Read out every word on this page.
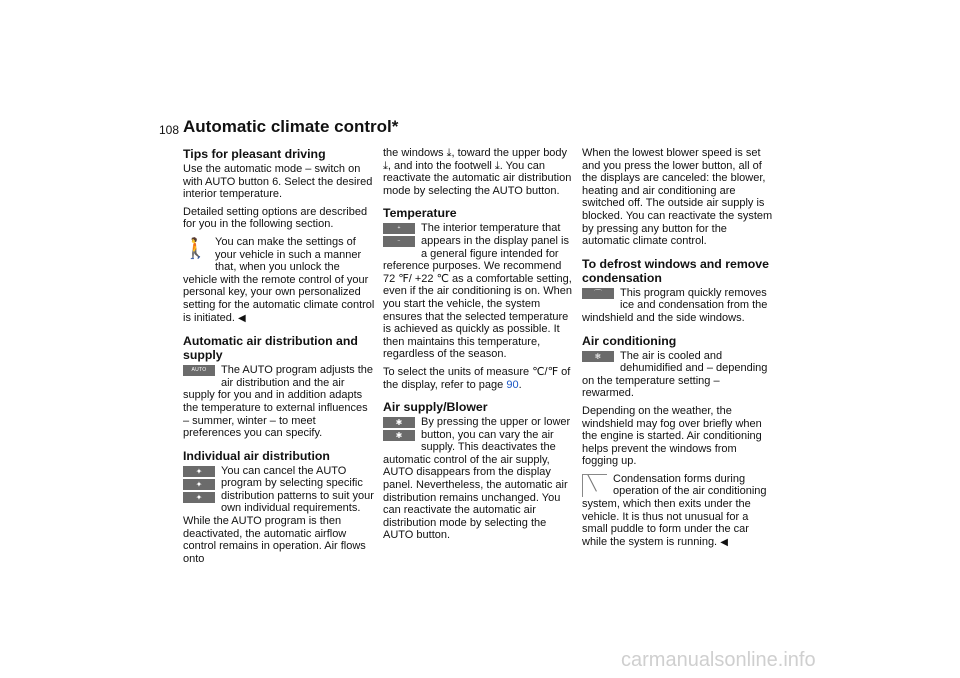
108 Automatic climate control*
Tips for pleasant driving

Use the automatic mode – switch on with AUTO button 6. Select the desired interior temperature.

Detailed setting options are described for you in the following section.

🚶 You can make the settings of your vehicle in such a manner that, when you unlock the vehicle with the remote control of your personal key, your own personalized setting for the automatic climate control is initiated. ◀

Automatic air distribution and supply

AUTO	The AUTO program adjusts the air distribution and the air supply for you and in addition adapts the temperature to external influences – summer, winter – to meet preferences you can specify.

Individual air distribution

✦
✦
✦
You can cancel the AUTO program by selecting specific distribution patterns to suit your own individual requirements. While the AUTO program is then deactivated, the automatic airflow control remains in operation. Air flows onto

the windows ⤓, toward the upper body ⤓, and into the footwell ⤓. You can reactivate the automatic air distribution mode by selecting the AUTO button.

Temperature

+
−
The interior temperature that appears in the display panel is a general figure intended for reference purposes. We recommend 72 ℉/ +22 ℃ as a comfortable setting, even if the air conditioning is on. When you start the vehicle, the system ensures that the selected temperature is achieved as quickly as possible. It then maintains this temperature, regardless of the season.

To select the units of measure ℃/℉ of the display, refer to page 90.

Air supply/Blower

✱
✱
By pressing the upper or lower button, you can vary the air supply. This deactivates the automatic control of the air supply, AUTO disappears from the display panel. Nevertheless, the automatic air distribution remains unchanged. You can reactivate the automatic air distribution mode by selecting the AUTO button.

When the lowest blower speed is set and you press the lower button, all of the displays are canceled: the blower, heating and air conditioning are switched off. The outside air supply is blocked. You can reactivate the system by pressing any button for the automatic climate control.

To defrost windows and remove condensation

⌒	This program quickly removes ice and condensation from the windshield and the side windows.

Air conditioning

❄	The air is cooled and dehumidified and – depending on the temperature setting – rewarmed.

Depending on the weather, the windshield may fog over briefly when the engine is started. Air conditioning helps prevent the windows from fogging up.

╲ Condensation forms during operation of the air conditioning system, which then exits under the vehicle. It is thus not unusual for a small puddle to form under the car while the system is running. ◀

carmanualsonline.info
